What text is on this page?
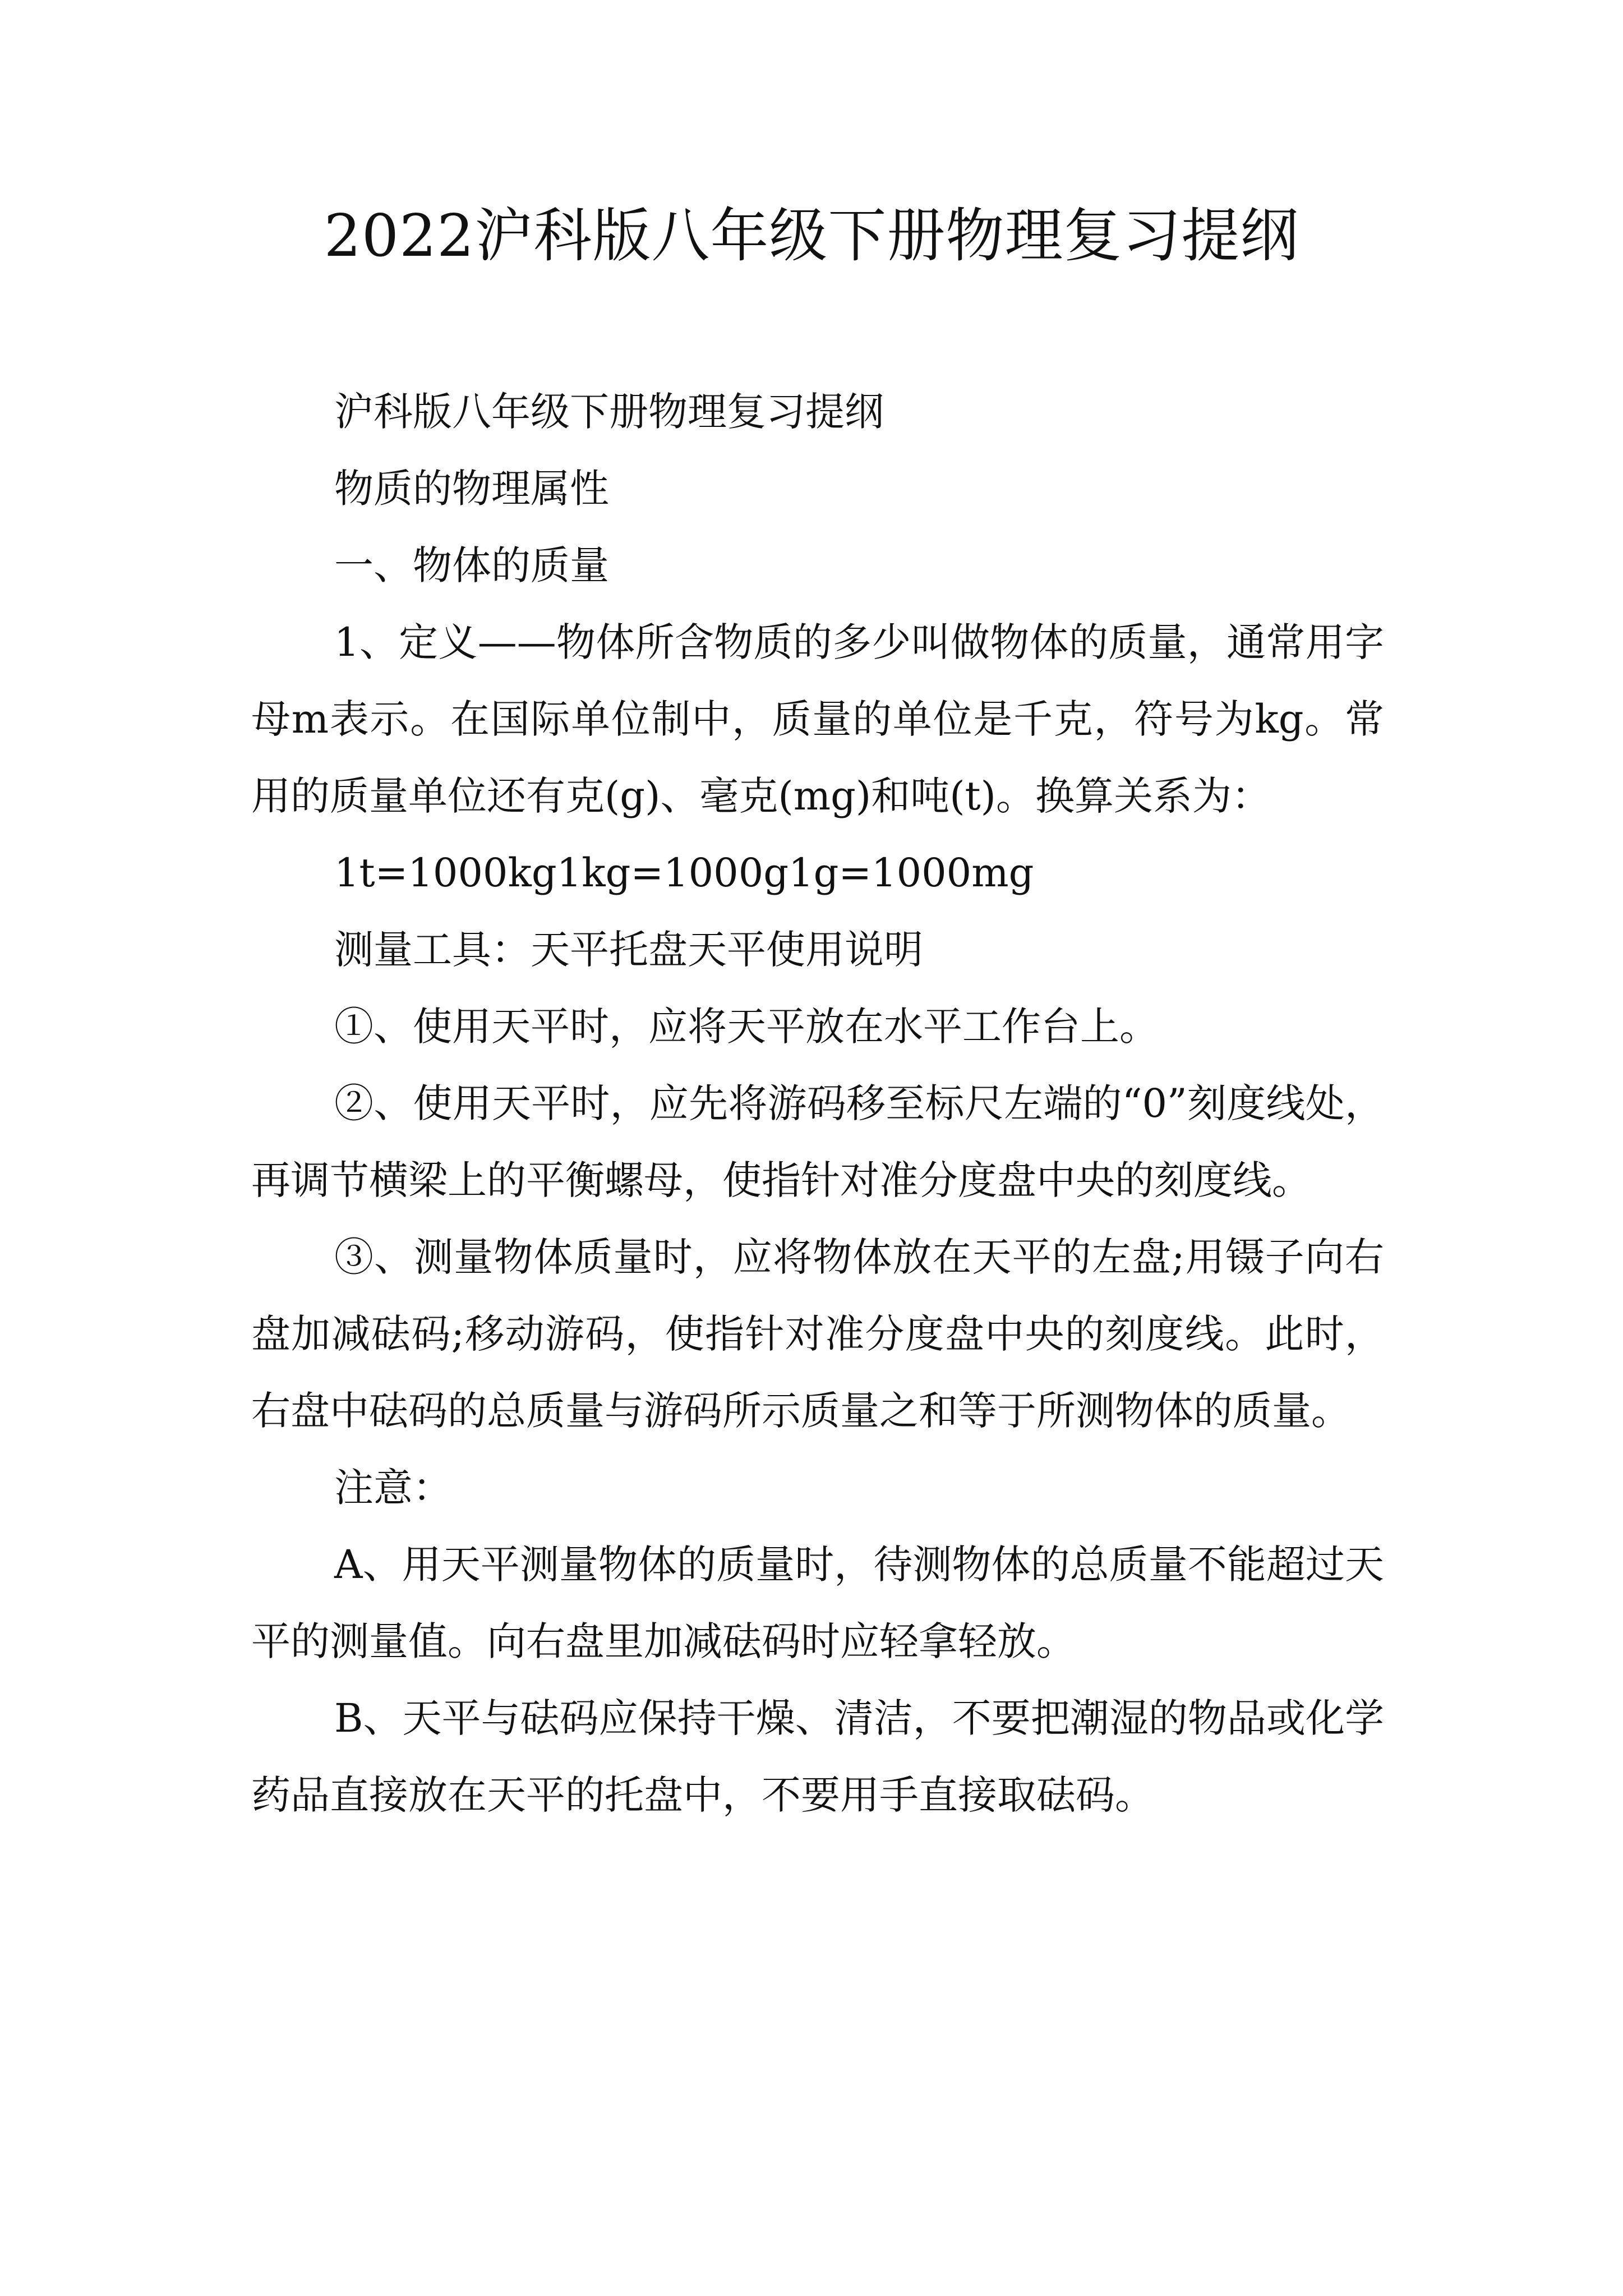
2022沪科版八年级下册物理复习提纲

沪科版八年级下册物理复习提纲

物质的物理属性

一、物体的质量

1、定义——物体所含物质的多少叫做物体的质量，通常用字母m表示。在国际单位制中，质量的单位是千克，符号为kg。常用的质量单位还有克(g)、毫克(mg)和吨(t)。换算关系为：

1t=1000kg1kg=1000g1g=1000mg

测量工具：天平托盘天平使用说明

①、使用天平时，应将天平放在水平工作台上。

②、使用天平时，应先将游码移至标尺左端的“0”刻度线处，再调节横梁上的平衡螺母，使指针对准分度盘中央的刻度线。

③、测量物体质量时，应将物体放在天平的左盘;用镊子向右盘加减砝码;移动游码，使指针对准分度盘中央的刻度线。此时，右盘中砝码的总质量与游码所示质量之和等于所测物体的质量。

注意：

A、用天平测量物体的质量时，待测物体的总质量不能超过天平的测量值。向右盘里加减砝码时应轻拿轻放。

B、天平与砝码应保持干燥、清洁，不要把潮湿的物品或化学药品直接放在天平的托盘中，不要用手直接取砝码。
